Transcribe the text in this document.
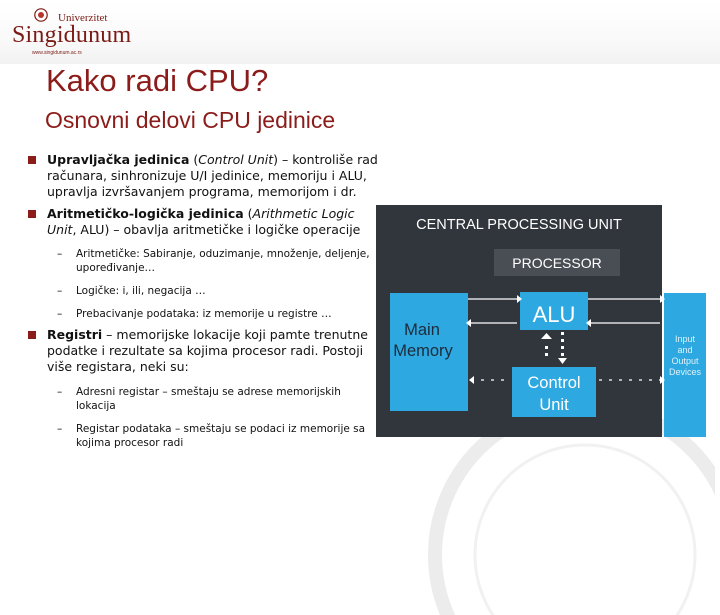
Univerzitet
Singidunum
www.singidunum.ac.rs
Kako radi CPU?
Osnovni delovi CPU jedinice

Upravljačka jedinica (Control Unit) – kontroliše rad računara, sinhronizuje U/I jedinice, memoriju i ALU, upravlja izvršavanjem programa, memorijom i dr.

Aritmetičko-logička jedinica (Arithmetic Logic Unit, ALU) – obavlja aritmetičke i logičke operacije

– Aritmetičke: Sabiranje, oduzimanje, množenje, deljenje, upoređivanje…

– Logičke: i, ili, negacija …

– Prebacivanje podataka: iz memorije u registre …

Registri – memorijske lokacije koji pamte trenutne podatke i rezultate sa kojima procesor radi. Postoji više registara, neki su:

– Adresni registar – smeštaju se adrese memorijskih lokacija

– Registar podataka – smeštaju se podaci iz memorije sa kojima procesor radi

CENTRAL PROCESSING UNIT
PROCESSOR
Main
Memory
ALU
Control
Unit
Input
and
Output
Devices
